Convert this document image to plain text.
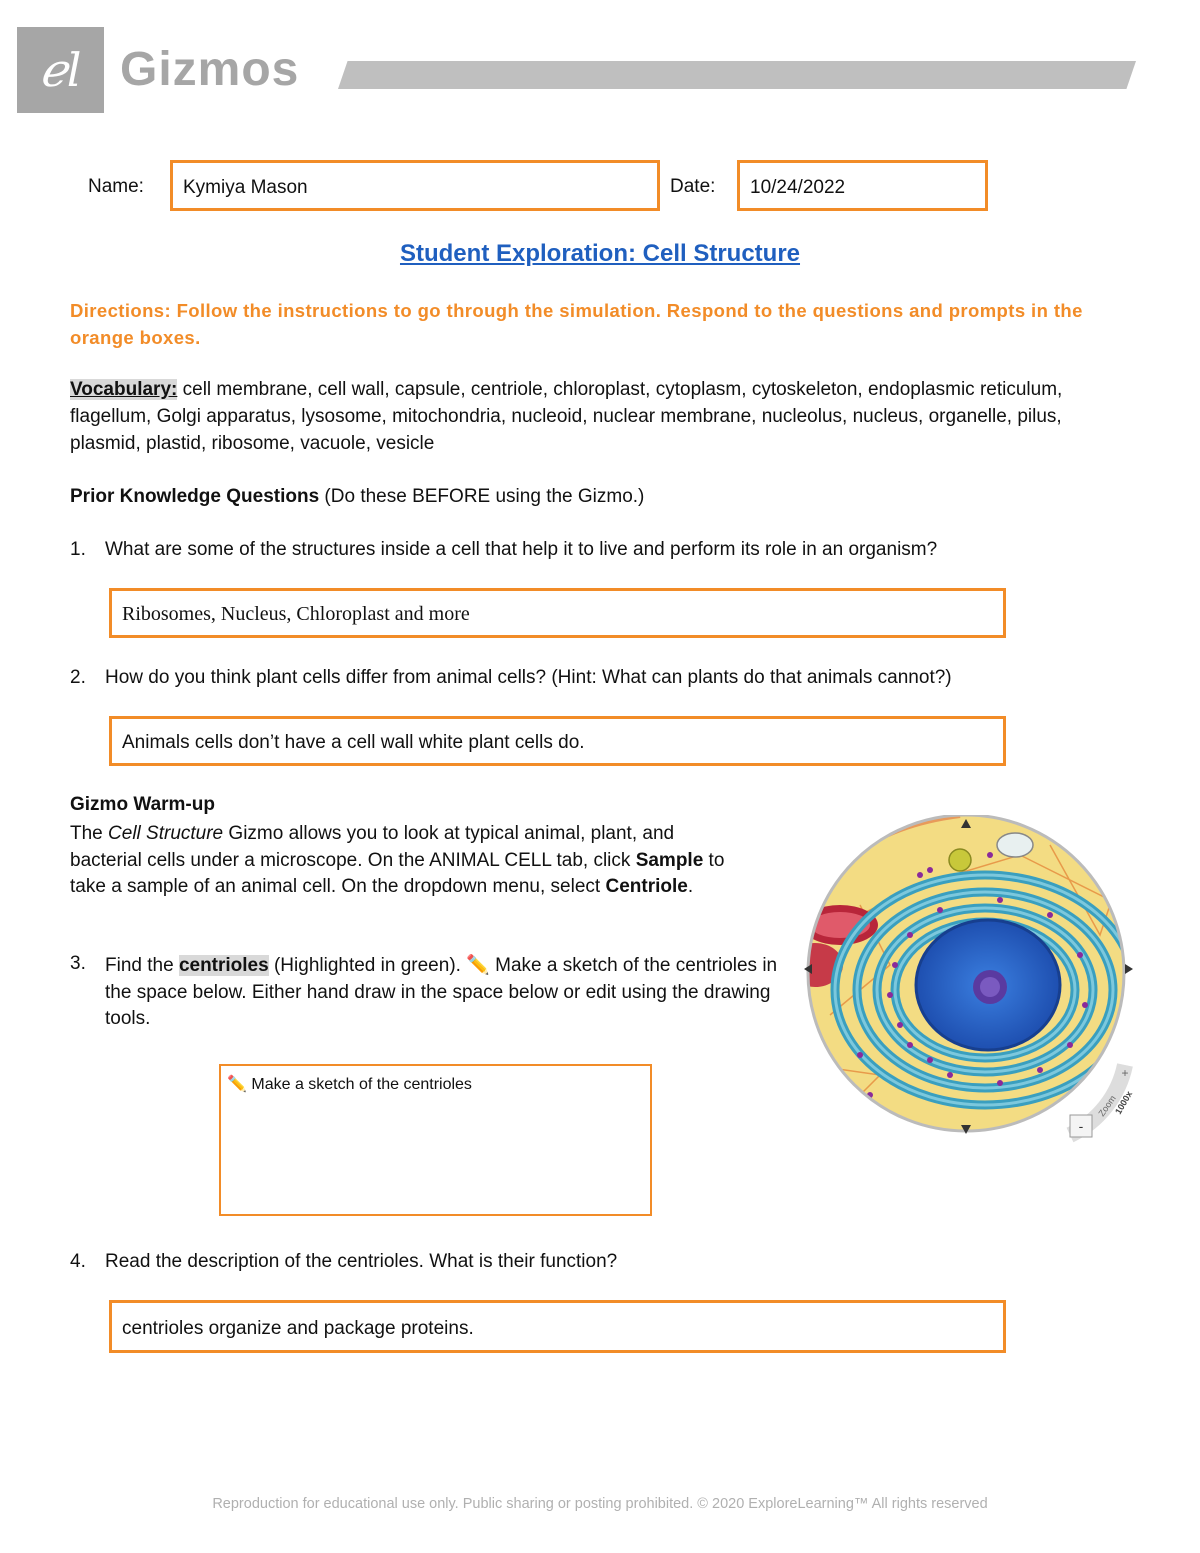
ℯl Gizmos
Name: Kymiya Mason	Date: 10/24/2022
Student Exploration: Cell Structure
Directions: Follow the instructions to go through the simulation. Respond to the questions and prompts in the orange boxes.
Vocabulary: cell membrane, cell wall, capsule, centriole, chloroplast, cytoplasm, cytoskeleton, endoplasmic reticulum, flagellum, Golgi apparatus, lysosome, mitochondria, nucleoid, nuclear membrane, nucleolus, nucleus, organelle, pilus, plasmid, plastid, ribosome, vacuole, vesicle
Prior Knowledge Questions (Do these BEFORE using the Gizmo.)
1. What are some of the structures inside a cell that help it to live and perform its role in an organism?
Ribosomes, Nucleus, Chloroplast and more
2. How do you think plant cells differ from animal cells? (Hint: What can plants do that animals cannot?)
Animals cells don’t have a cell wall white plant cells do.
Gizmo Warm-up
The Cell Structure Gizmo allows you to look at typical animal, plant, and bacterial cells under a microscope. On the ANIMAL CELL tab, click Sample to take a sample of an animal cell. On the dropdown menu, select Centriole.
3. Find the centrioles (Highlighted in green). ✏️ Make a sketch of the centrioles in the space below. Either hand draw in the space below or edit using the drawing tools.
✏️ Make a sketch of the centrioles
-
+
Zoom
1000x
4. Read the description of the centrioles. What is their function?
centrioles organize and package proteins.
Reproduction for educational use only. Public sharing or posting prohibited. © 2020 ExploreLearning™ All rights reserved
